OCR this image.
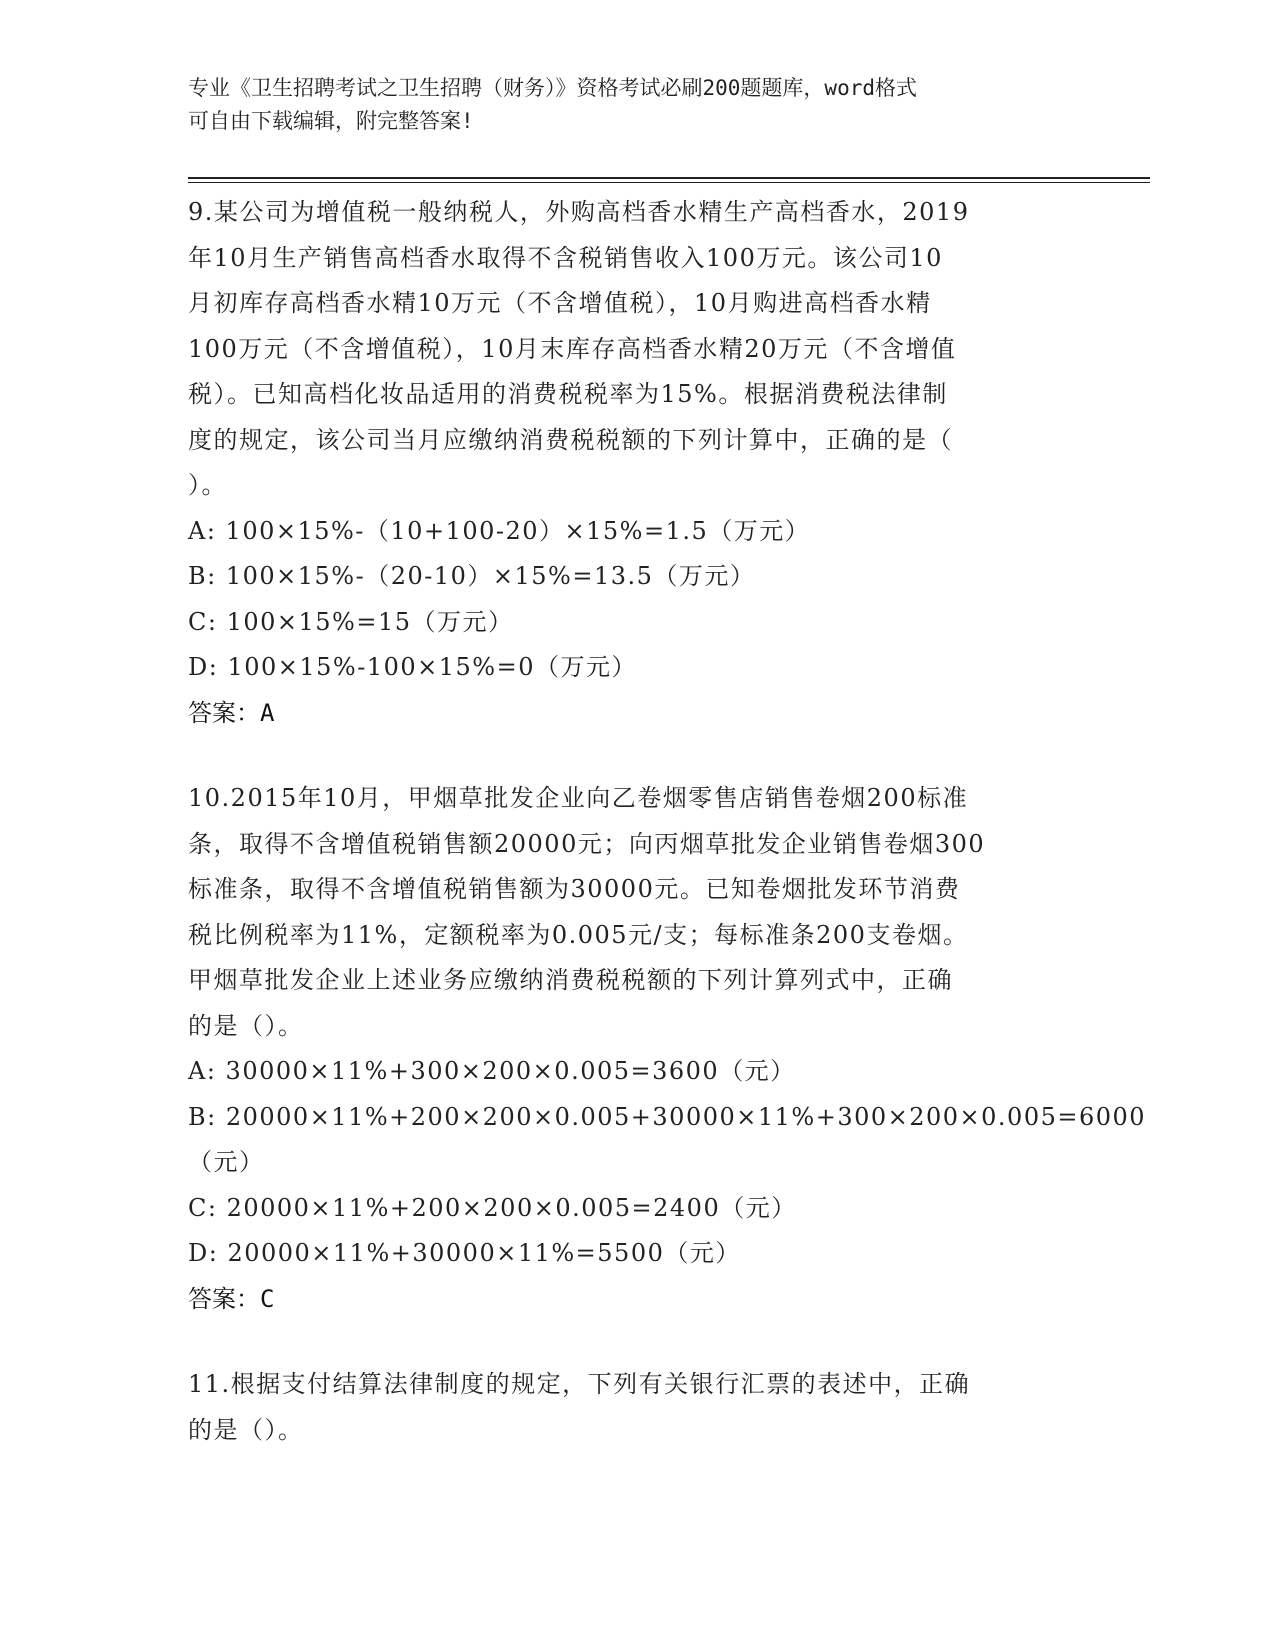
专业《卫生招聘考试之卫生招聘（财务）》资格考试必刷200题题库，word格式
可自由下载编辑，附完整答案!
9.某公司为增值税一般纳税人，外购高档香水精生产高档香水，2019
年10月生产销售高档香水取得不含税销售收入100万元。该公司10
月初库存高档香水精10万元（不含增值税），10月购进高档香水精
100万元（不含增值税），10月末库存高档香水精20万元（不含增值
税）。已知高档化妆品适用的消费税税率为15%。根据消费税法律制
度的规定，该公司当月应缴纳消费税税额的下列计算中，正确的是（
）。
A: 100×15%-（10+100-20）×15%=1.5（万元）
B: 100×15%-（20-10）×15%=13.5（万元）
C: 100×15%=15（万元）
D: 100×15%-100×15%=0（万元）
答案：A
10.2015年10月，甲烟草批发企业向乙卷烟零售店销售卷烟200标准
条，取得不含增值税销售额20000元；向丙烟草批发企业销售卷烟300
标准条，取得不含增值税销售额为30000元。已知卷烟批发环节消费
税比例税率为11%，定额税率为0.005元/支；每标准条200支卷烟。
甲烟草批发企业上述业务应缴纳消费税税额的下列计算列式中，正确
的是（）。
A: 30000×11%+300×200×0.005=3600（元）
B: 20000×11%+200×200×0.005+30000×11%+300×200×0.005=6000
（元）
C: 20000×11%+200×200×0.005=2400（元）
D: 20000×11%+30000×11%=5500（元）
答案：C
11.根据支付结算法律制度的规定，下列有关银行汇票的表述中，正确
的是（）。
